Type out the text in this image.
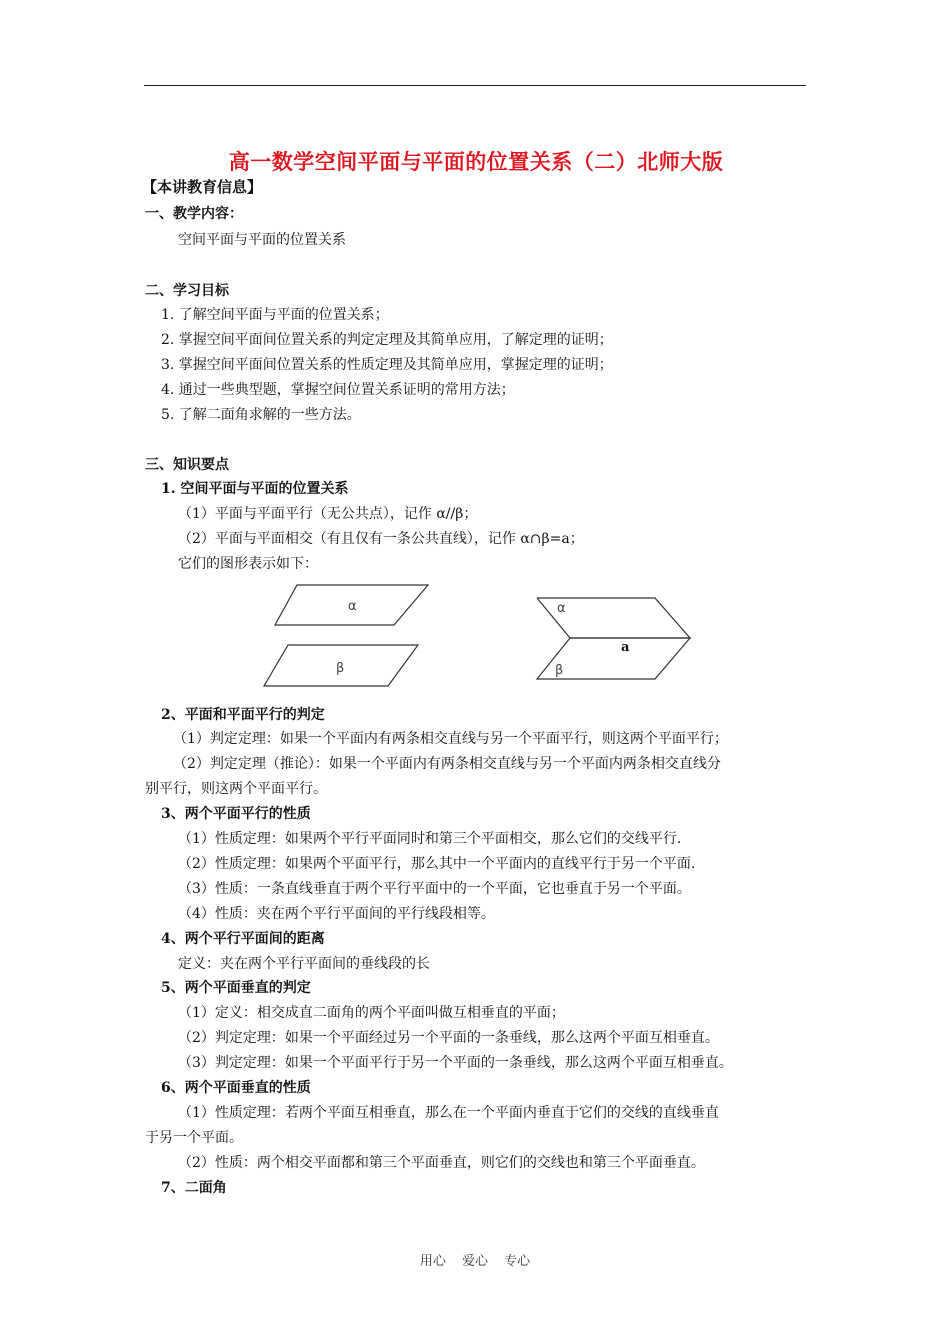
高一数学空间平面与平面的位置关系（二）北师大版
【本讲教育信息】
一、教学内容：
空间平面与平面的位置关系
二、学习目标
1. 了解空间平面与平面的位置关系；
2. 掌握空间平面间位置关系的判定定理及其简单应用，了解定理的证明；
3. 掌握空间平面间位置关系的性质定理及其简单应用，掌握定理的证明；
4. 通过一些典型题，掌握空间位置关系证明的常用方法；
5. 了解二面角求解的一些方法。
三、知识要点
1. 空间平面与平面的位置关系
（1）平面与平面平行（无公共点），记作 α//β；
（2）平面与平面相交（有且仅有一条公共直线），记作 α∩β=a；
它们的图形表示如下：
α
β
α
β
a
2、平面和平面平行的判定
（1）判定定理：如果一个平面内有两条相交直线与另一个平面平行，则这两个平面平行；
（2）判定定理（推论）：如果一个平面内有两条相交直线与另一个平面内两条相交直线分
别平行，则这两个平面平行。
3、两个平面平行的性质
（1）性质定理：如果两个平行平面同时和第三个平面相交，那么它们的交线平行.
（2）性质定理：如果两个平面平行，那么其中一个平面内的直线平行于另一个平面.
（3）性质：一条直线垂直于两个平行平面中的一个平面，它也垂直于另一个平面。
（4）性质：夹在两个平行平面间的平行线段相等。
4、两个平行平面间的距离
定义：夹在两个平行平面间的垂线段的长
5、两个平面垂直的判定
（1）定义：相交成直二面角的两个平面叫做互相垂直的平面；
（2）判定定理：如果一个平面经过另一个平面的一条垂线，那么这两个平面互相垂直。
（3）判定定理：如果一个平面平行于另一个平面的一条垂线，那么这两个平面互相垂直。
6、两个平面垂直的性质
（1）性质定理：若两个平面互相垂直，那么在一个平面内垂直于它们的交线的直线垂直
于另一个平面。
（2）性质：两个相交平面都和第三个平面垂直，则它们的交线也和第三个平面垂直。
7、二面角
用心 爱心 专心
